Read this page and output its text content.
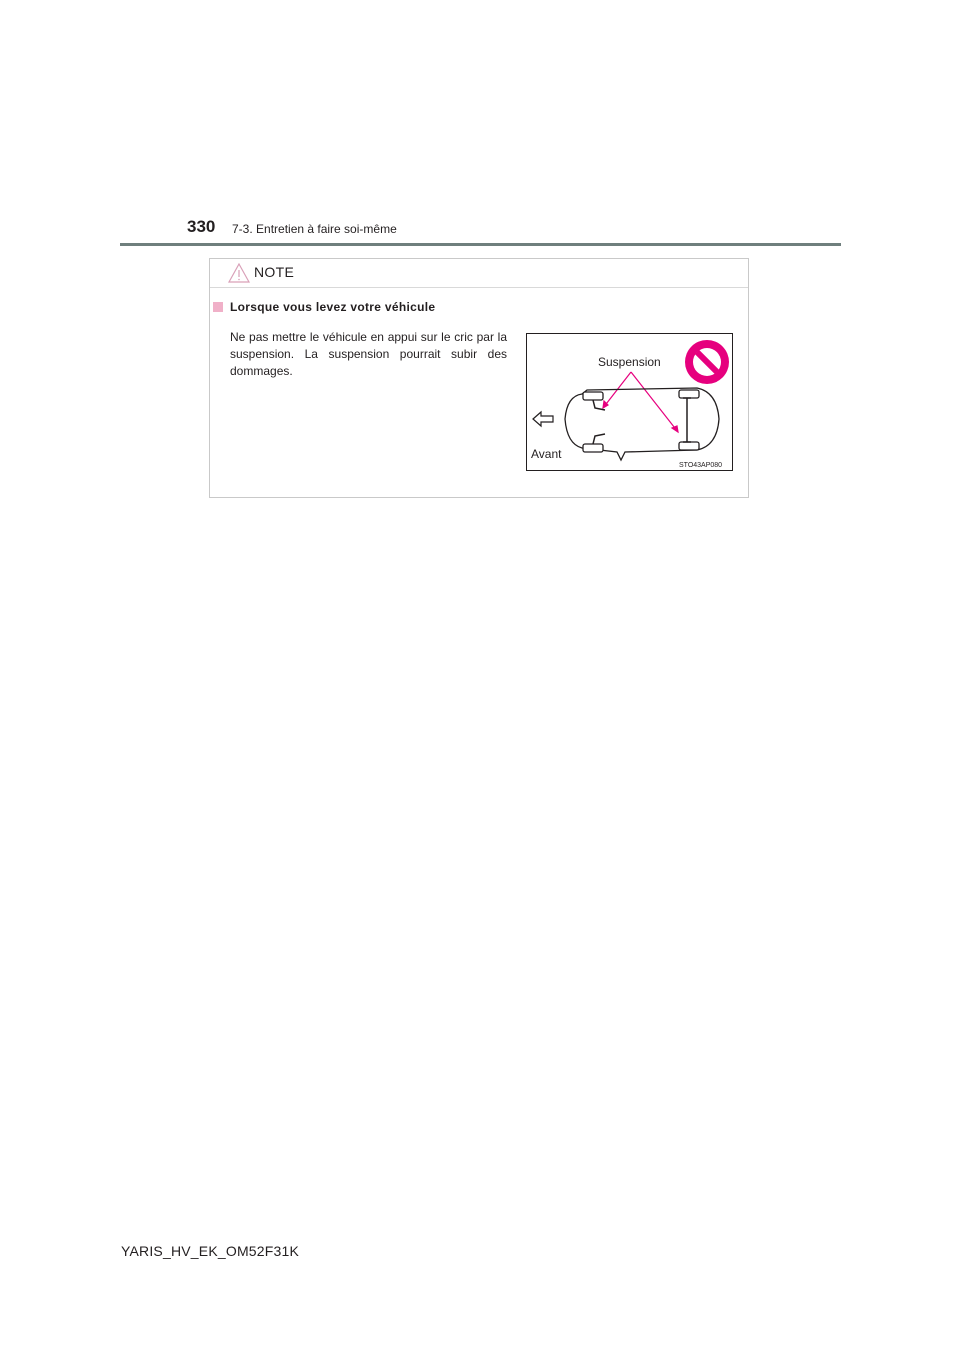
330 7-3. Entretien à faire soi-même
NOTE
Lorsque vous levez votre véhicule
Ne pas mettre le véhicule en appui sur le cric par la suspension. La suspension pourrait subir des dommages.
Suspension
Avant
STO43AP080
YARIS_HV_EK_OM52F31K
